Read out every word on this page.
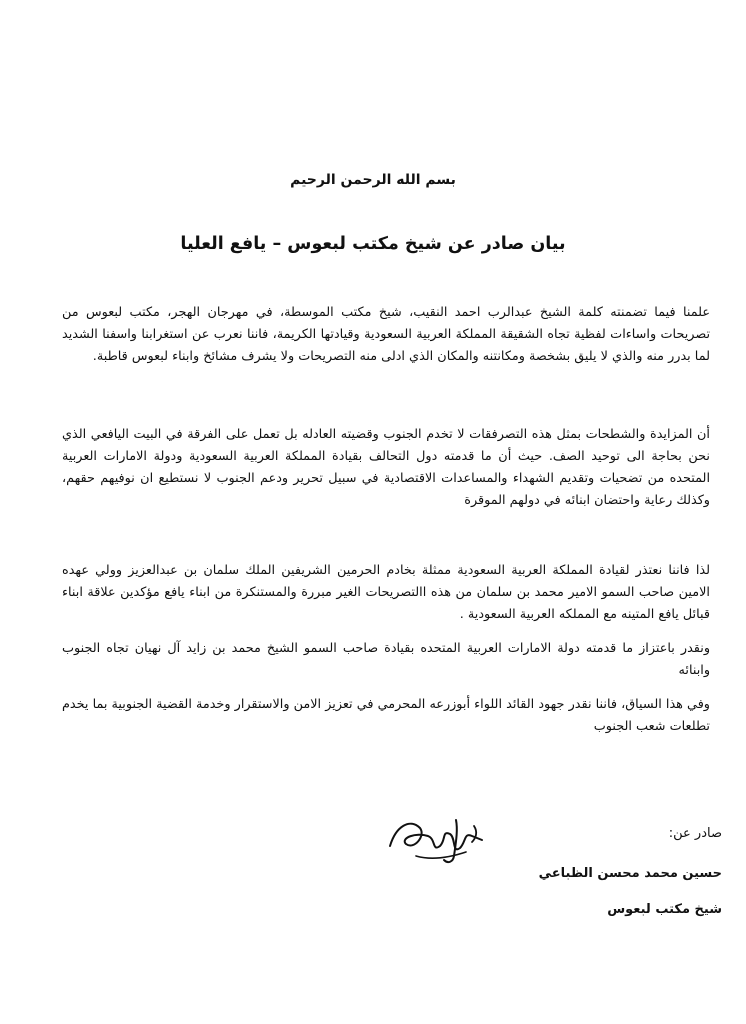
بسم الله الرحمن الرحيم
بيان صادر عن شيخ مكتب لبعوس – يافع العليا

علمنا فيما تضمنته كلمة الشيخ عبدالرب احمد النقيب، شيخ مكتب الموسطة، في مهرجان الهجر، مكتب لبعوس من تصريحات واساءات لفظية تجاه الشقيقة المملكة العربية السعودية وقيادتها الكريمة، فاننا نعرب عن استغرابنا واسفنا الشديد لما بدرر منه والذي لا يليق بشخصة ومكانتنه والمكان الذي ادلى منه التصريحات ولا يشرف مشائخ وابناء لبعوس قاطبة.

أن المزايدة والشطحات بمثل هذه التصرفقات لا تخدم الجنوب وقضيته العادله بل تعمل على الفرقة في البيت اليافعي الذي نحن بحاجة الى توحيد الصف. حيث أن ما قدمته دول التحالف بقيادة المملكة العربية السعودية ودولة الامارات العربية المتحده من تضحيات وتقديم الشهداء والمساعدات الاقتصادية في سبيل تحرير ودعم الجنوب لا نستطيع ان نوفيهم حقهم، وكذلك رعاية واحتضان ابنائه في دولهم الموقرة

لذا فاننا نعتذر لقيادة المملكة العربية السعودية ممثلة بخادم الحرمين الشريفين الملك سلمان بن عبدالعزيز وولي عهده الامين صاحب السمو الامير محمد بن سلمان من هذه االتصريحات الغير مبررة والمستنكرة من ابناء يافع مؤكدين علاقة ابناء قبائل يافع المتينه مع المملكه العربية السعودية .

ونقدر باعتزاز ما قدمته دولة الامارات العربية المتحده بقيادة صاحب السمو الشيخ محمد بن زايد آل نهيان تجاه الجنوب وابنائه

وفي هذا السياق، فاننا نقدر جهود القائد اللواء أبوزرعه المحرمي في تعزيز الامن والاستقرار وخدمة القضية الجنوبية بما يخدم تطلعات شعب الجنوب

صادر عن:
حسين محمد محسن الظباعي
شيخ مكتب لبعوس
